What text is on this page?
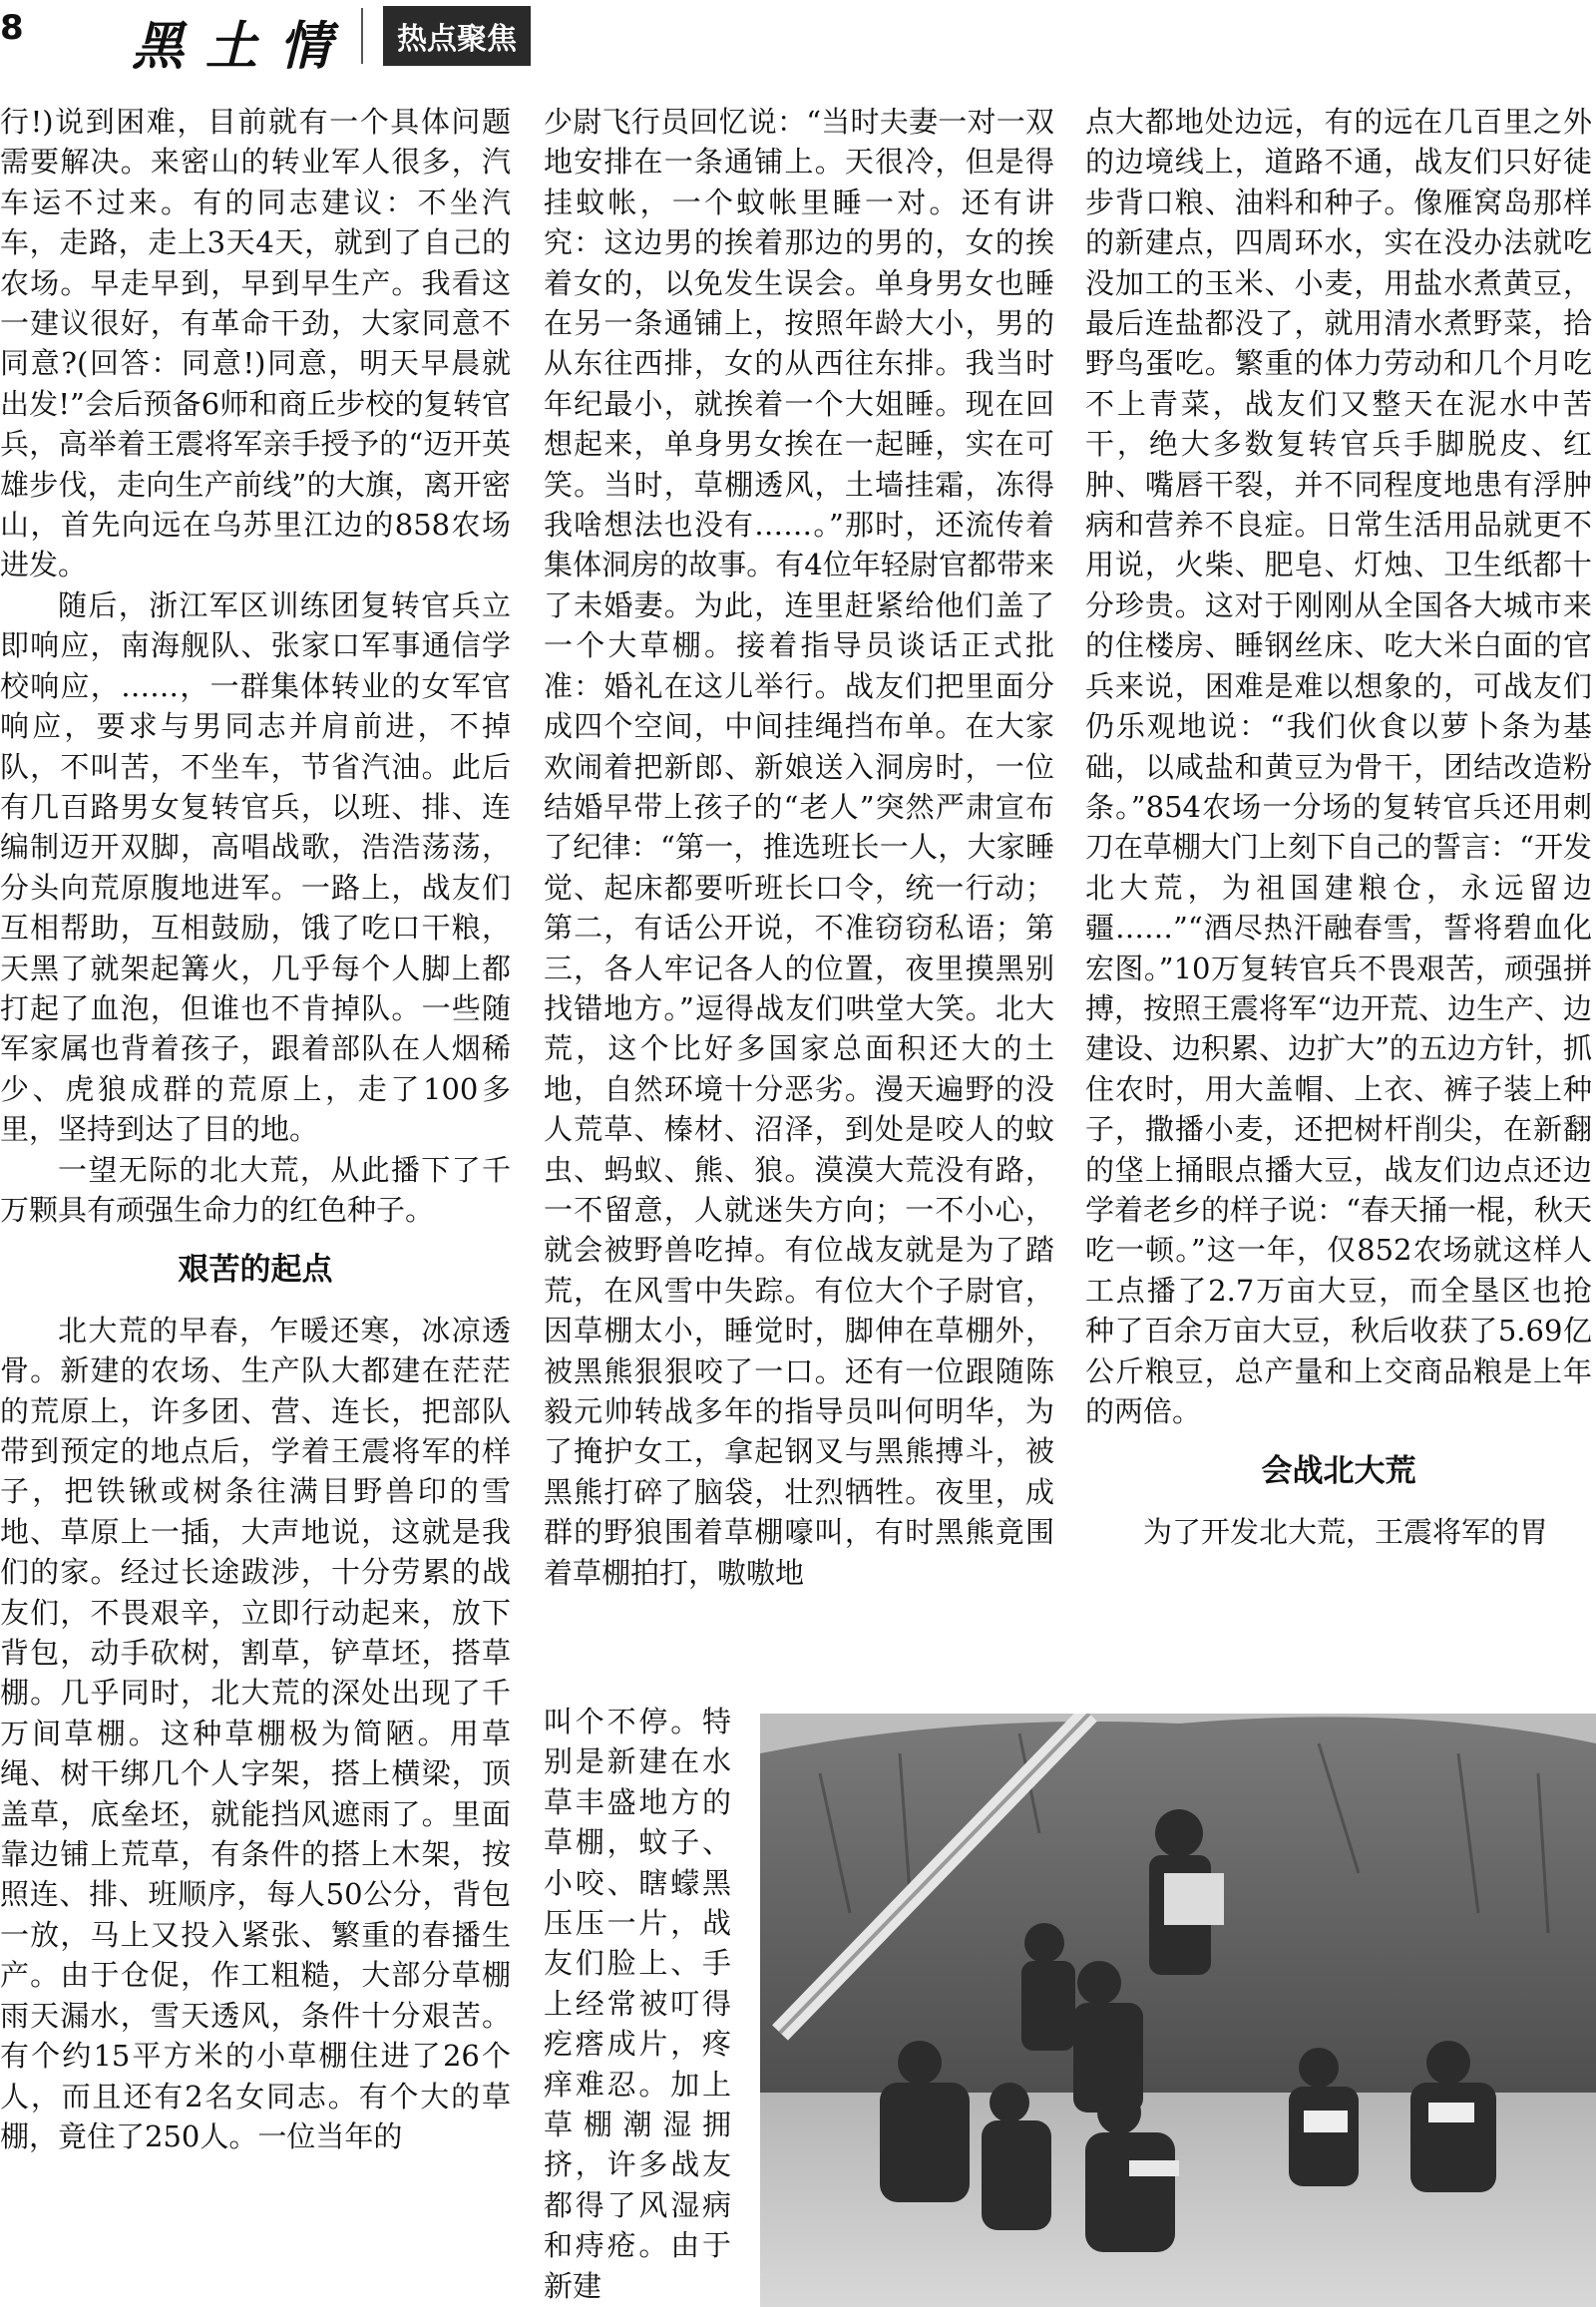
8 黑土情	热点聚焦

行!)说到困难，目前就有一个具体问题需要解决。来密山的转业军人很多，汽车运不过来。有的同志建议：不坐汽车，走路，走上3天4天，就到了自己的农场。早走早到，早到早生产。我看这一建议很好，有革命干劲，大家同意不同意?(回答：同意!)同意，明天早晨就出发!”会后预备6师和商丘步校的复转官兵，高举着王震将军亲手授予的“迈开英雄步伐，走向生产前线”的大旗，离开密山，首先向远在乌苏里江边的858农场进发。

随后，浙江军区训练团复转官兵立即响应，南海舰队、张家口军事通信学校响应，……，一群集体转业的女军官响应，要求与男同志并肩前进，不掉队，不叫苦，不坐车，节省汽油。此后有几百路男女复转官兵，以班、排、连编制迈开双脚，高唱战歌，浩浩荡荡，分头向荒原腹地进军。一路上，战友们互相帮助，互相鼓励，饿了吃口干粮，天黑了就架起篝火，几乎每个人脚上都打起了血泡，但谁也不肯掉队。一些随军家属也背着孩子，跟着部队在人烟稀少、虎狼成群的荒原上，走了100多里，坚持到达了目的地。

一望无际的北大荒，从此播下了千万颗具有顽强生命力的红色种子。

艰苦的起点

北大荒的早春，乍暖还寒，冰凉透骨。新建的农场、生产队大都建在茫茫的荒原上，许多团、营、连长，把部队带到预定的地点后，学着王震将军的样子，把铁锹或树条往满目野兽印的雪地、草原上一插，大声地说，这就是我们的家。经过长途跋涉，十分劳累的战友们，不畏艰辛，立即行动起来，放下背包，动手砍树，割草，铲草坯，搭草棚。几乎同时，北大荒的深处出现了千万间草棚。这种草棚极为简陋。用草绳、树干绑几个人字架，搭上横梁，顶盖草，底垒坯，就能挡风遮雨了。里面靠边铺上荒草，有条件的搭上木架，按照连、排、班顺序，每人50公分，背包一放，马上又投入紧张、繁重的春播生产。由于仓促，作工粗糙，大部分草棚雨天漏水，雪天透风，条件十分艰苦。有个约15平方米的小草棚住进了26个人，而且还有2名女同志。有个大的草棚，竟住了250人。一位当年的

少尉飞行员回忆说：“当时夫妻一对一双地安排在一条通铺上。天很冷，但是得挂蚊帐，一个蚊帐里睡一对。还有讲究：这边男的挨着那边的男的，女的挨着女的，以免发生误会。单身男女也睡在另一条通铺上，按照年龄大小，男的从东往西排，女的从西往东排。我当时年纪最小，就挨着一个大姐睡。现在回想起来，单身男女挨在一起睡，实在可笑。当时，草棚透风，土墙挂霜，冻得我啥想法也没有……。”那时，还流传着集体洞房的故事。有4位年轻尉官都带来了未婚妻。为此，连里赶紧给他们盖了一个大草棚。接着指导员谈话正式批准：婚礼在这儿举行。战友们把里面分成四个空间，中间挂绳挡布单。在大家欢闹着把新郎、新娘送入洞房时，一位结婚早带上孩子的“老人”突然严肃宣布了纪律：“第一，推选班长一人，大家睡觉、起床都要听班长口令，统一行动；第二，有话公开说，不准窃窃私语；第三，各人牢记各人的位置，夜里摸黑别找错地方。”逗得战友们哄堂大笑。北大荒，这个比好多国家总面积还大的土地，自然环境十分恶劣。漫天遍野的没人荒草、榛材、沼泽，到处是咬人的蚊虫、蚂蚁、熊、狼。漠漠大荒没有路，一不留意，人就迷失方向；一不小心，就会被野兽吃掉。有位战友就是为了踏荒，在风雪中失踪。有位大个子尉官，因草棚太小，睡觉时，脚伸在草棚外，被黑熊狠狠咬了一口。还有一位跟随陈毅元帅转战多年的指导员叫何明华，为了掩护女工，拿起钢叉与黑熊搏斗，被黑熊打碎了脑袋，壮烈牺牲。夜里，成群的野狼围着草棚嚎叫，有时黑熊竟围着草棚拍打，嗷嗷地

叫个不停。特别是新建在水草丰盛地方的草棚，蚊子、小咬、瞎蠓黑压压一片，战友们脸上、手上经常被叮得疙瘩成片，疼痒难忍。加上草棚潮湿拥挤，许多战友都得了风湿病和痔疮。由于新建

点大都地处边远，有的远在几百里之外的边境线上，道路不通，战友们只好徒步背口粮、油料和种子。像雁窝岛那样的新建点，四周环水，实在没办法就吃没加工的玉米、小麦，用盐水煮黄豆，最后连盐都没了，就用清水煮野菜，拾野鸟蛋吃。繁重的体力劳动和几个月吃不上青菜，战友们又整天在泥水中苦干，绝大多数复转官兵手脚脱皮、红肿、嘴唇干裂，并不同程度地患有浮肿病和营养不良症。日常生活用品就更不用说，火柴、肥皂、灯烛、卫生纸都十分珍贵。这对于刚刚从全国各大城市来的住楼房、睡钢丝床、吃大米白面的官兵来说，困难是难以想象的，可战友们仍乐观地说：“我们伙食以萝卜条为基础，以咸盐和黄豆为骨干，团结改造粉条。”854农场一分场的复转官兵还用刺刀在草棚大门上刻下自己的誓言：“开发北大荒，为祖国建粮仓，永远留边疆……”“酒尽热汗融春雪，誓将碧血化宏图。”10万复转官兵不畏艰苦，顽强拼搏，按照王震将军“边开荒、边生产、边建设、边积累、边扩大”的五边方针，抓住农时，用大盖帽、上衣、裤子装上种子，撒播小麦，还把树杆削尖，在新翻的垡上捅眼点播大豆，战友们边点还边学着老乡的样子说：“春天捅一棍，秋天吃一顿。”这一年，仅852农场就这样人工点播了2.7万亩大豆，而全垦区也抢种了百余万亩大豆，秋后收获了5.69亿公斤粮豆，总产量和上交商品粮是上年的两倍。

会战北大荒

为了开发北大荒，王震将军的胃
